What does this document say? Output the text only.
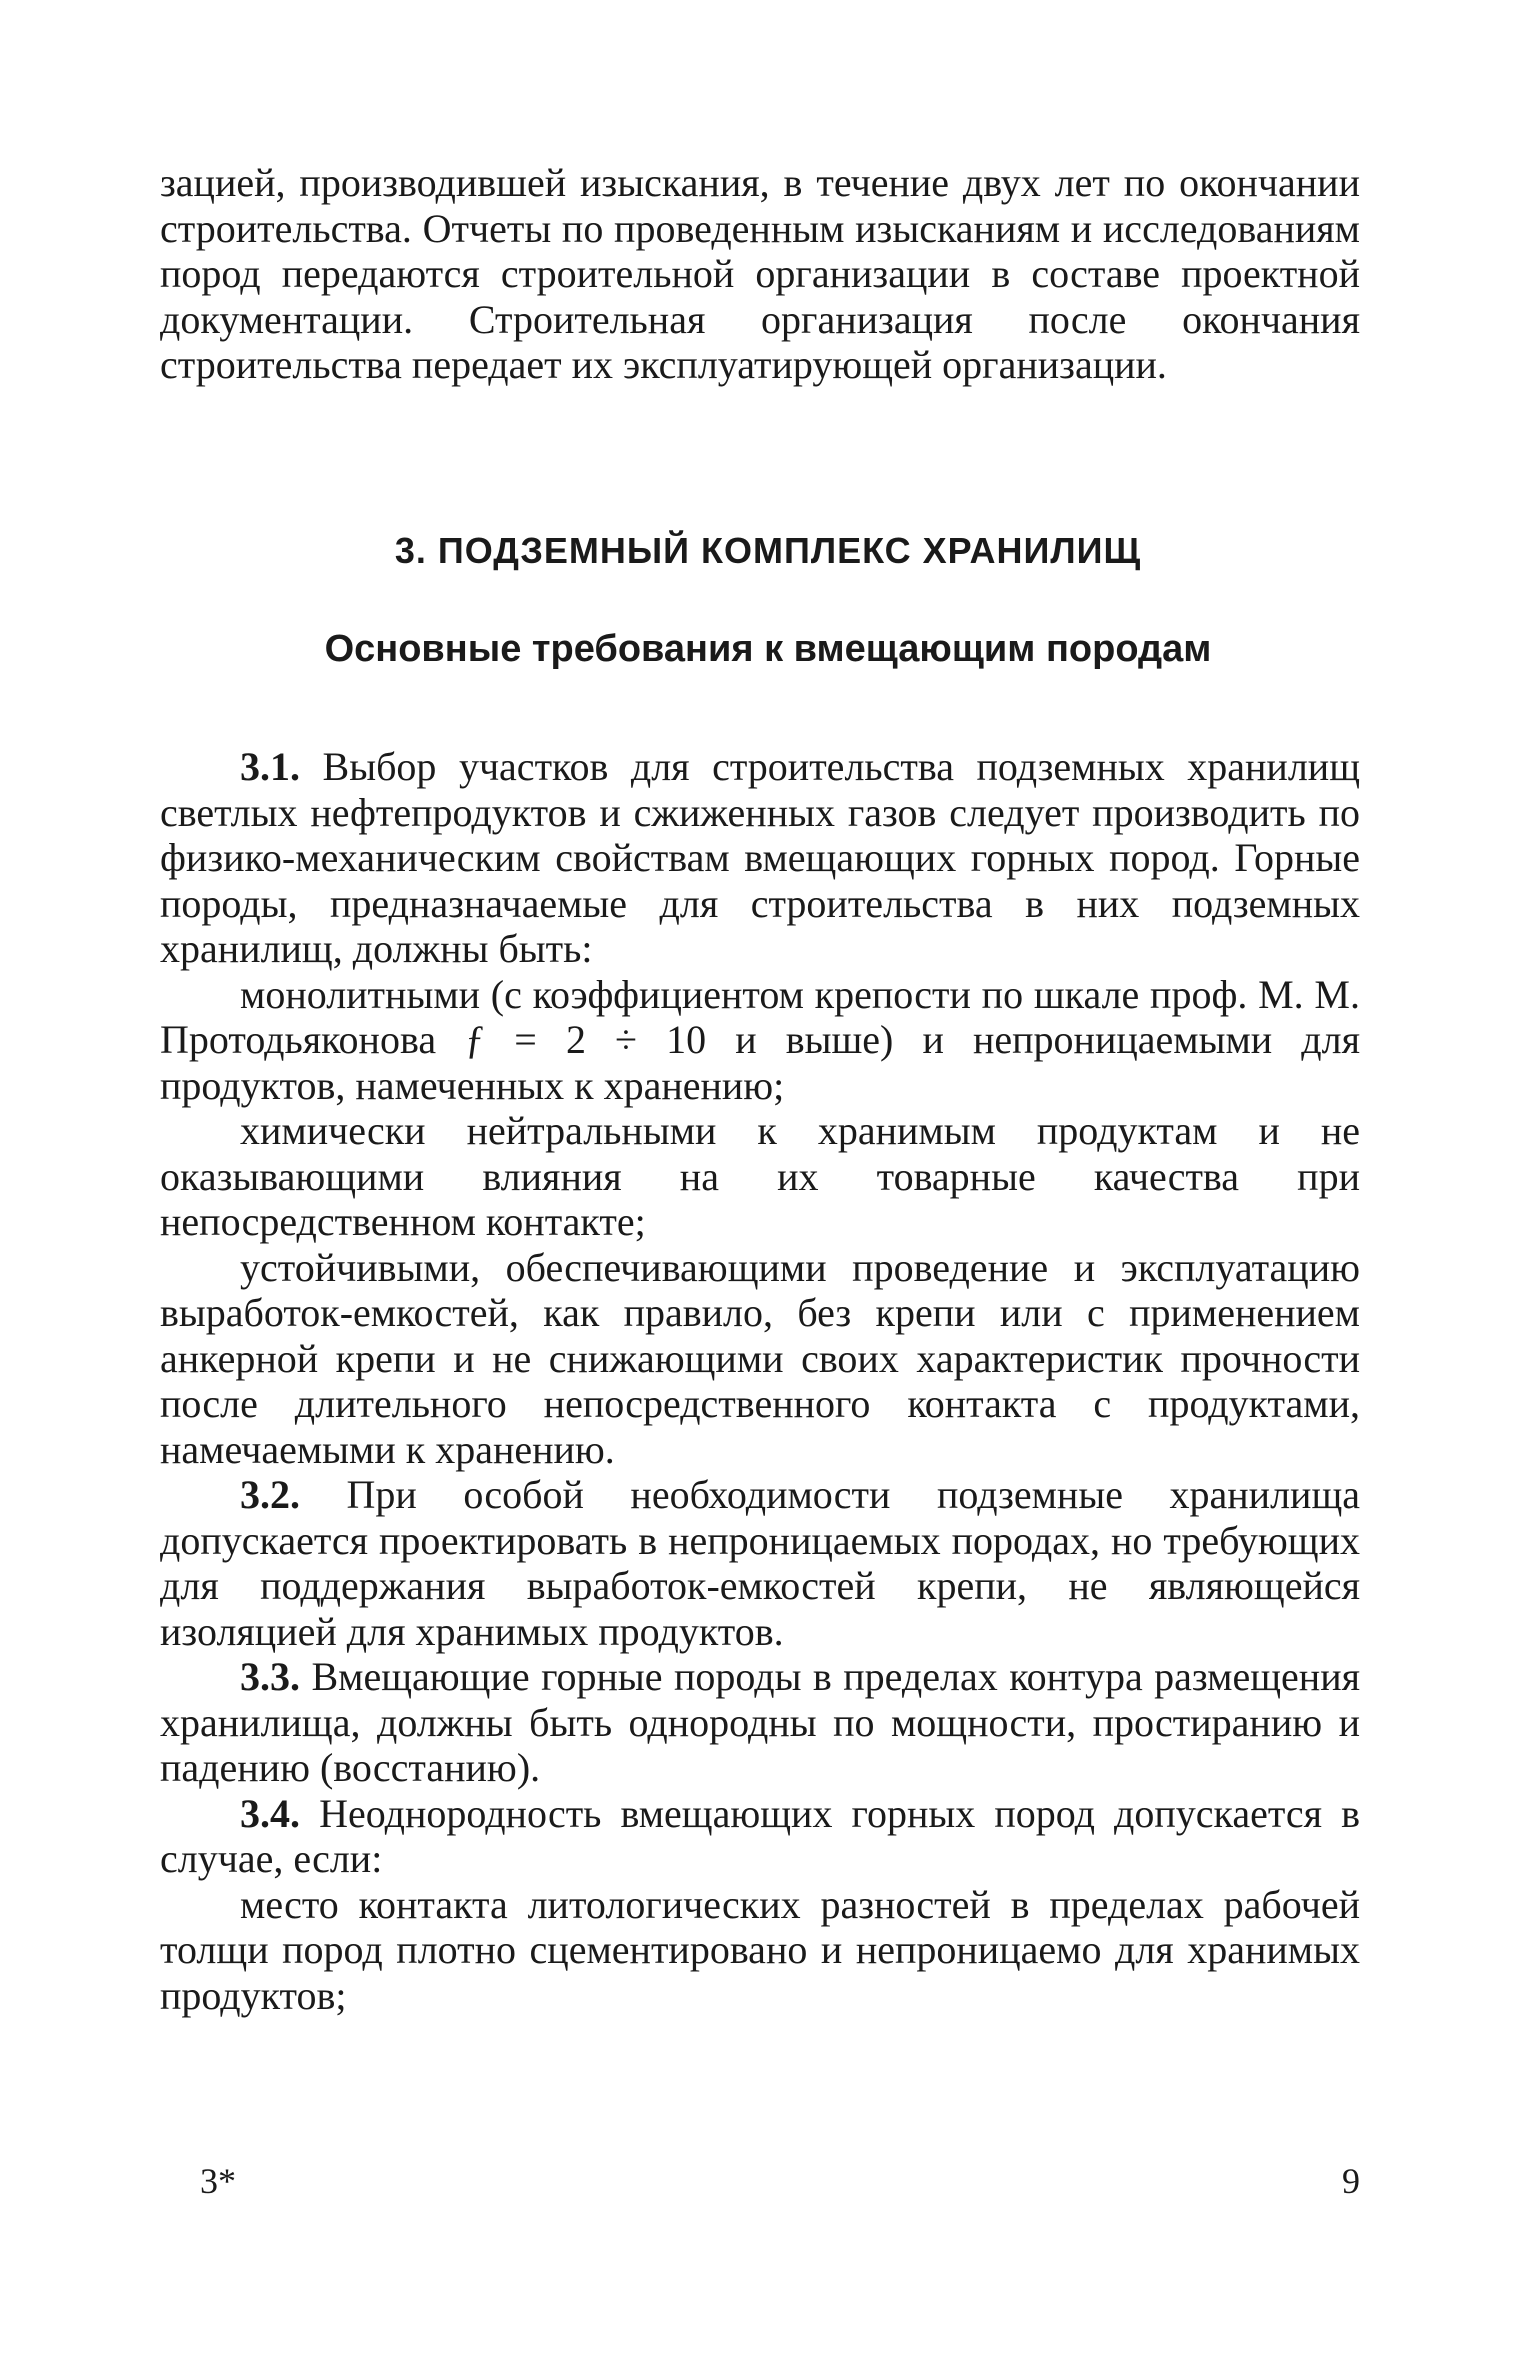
зацией, производившей изыскания, в течение двух лет по окончании строительства. Отчеты по проведенным изысканиям и исследованиям пород передаются строительной организации в составе проектной документации. Строительная организация после окончания строительства передает их эксплуатирующей организации.

3. ПОДЗЕМНЫЙ КОМПЛЕКС ХРАНИЛИЩ
Основные требования к вмещающим породам

3.1. Выбор участков для строительства подземных хранилищ светлых нефтепродуктов и сжиженных газов следует производить по физико-механическим свойствам вмещающих горных пород. Горные породы, предназначаемые для строительства в них подземных хранилищ, должны быть:

монолитными (с коэффициентом крепости по шкале проф. М. М. Протодьяконова ƒ = 2 ÷ 10 и выше) и непроницаемыми для продуктов, намеченных к хранению;

химически нейтральными к хранимым продуктам и не оказывающими влияния на их товарные качества при непосредственном контакте;

устойчивыми, обеспечивающими проведение и эксплуатацию выработок-емкостей, как правило, без крепи или с применением анкерной крепи и не снижающими своих характеристик прочности после длительного непосредственного контакта с продуктами, намечаемыми к хранению.

3.2. При особой необходимости подземные хранилища допускается проектировать в непроницаемых породах, но требующих для поддержания выработок-емкостей крепи, не являющейся изоляцией для хранимых продуктов.

3.3. Вмещающие горные породы в пределах контура размещения хранилища, должны быть однородны по мощности, простиранию и падению (восстанию).

3.4. Неоднородность вмещающих горных пород допускается в случае, если:

место контакта литологических разностей в пределах рабочей толщи пород плотно сцементировано и непроницаемо для хранимых продуктов;

3*	9
